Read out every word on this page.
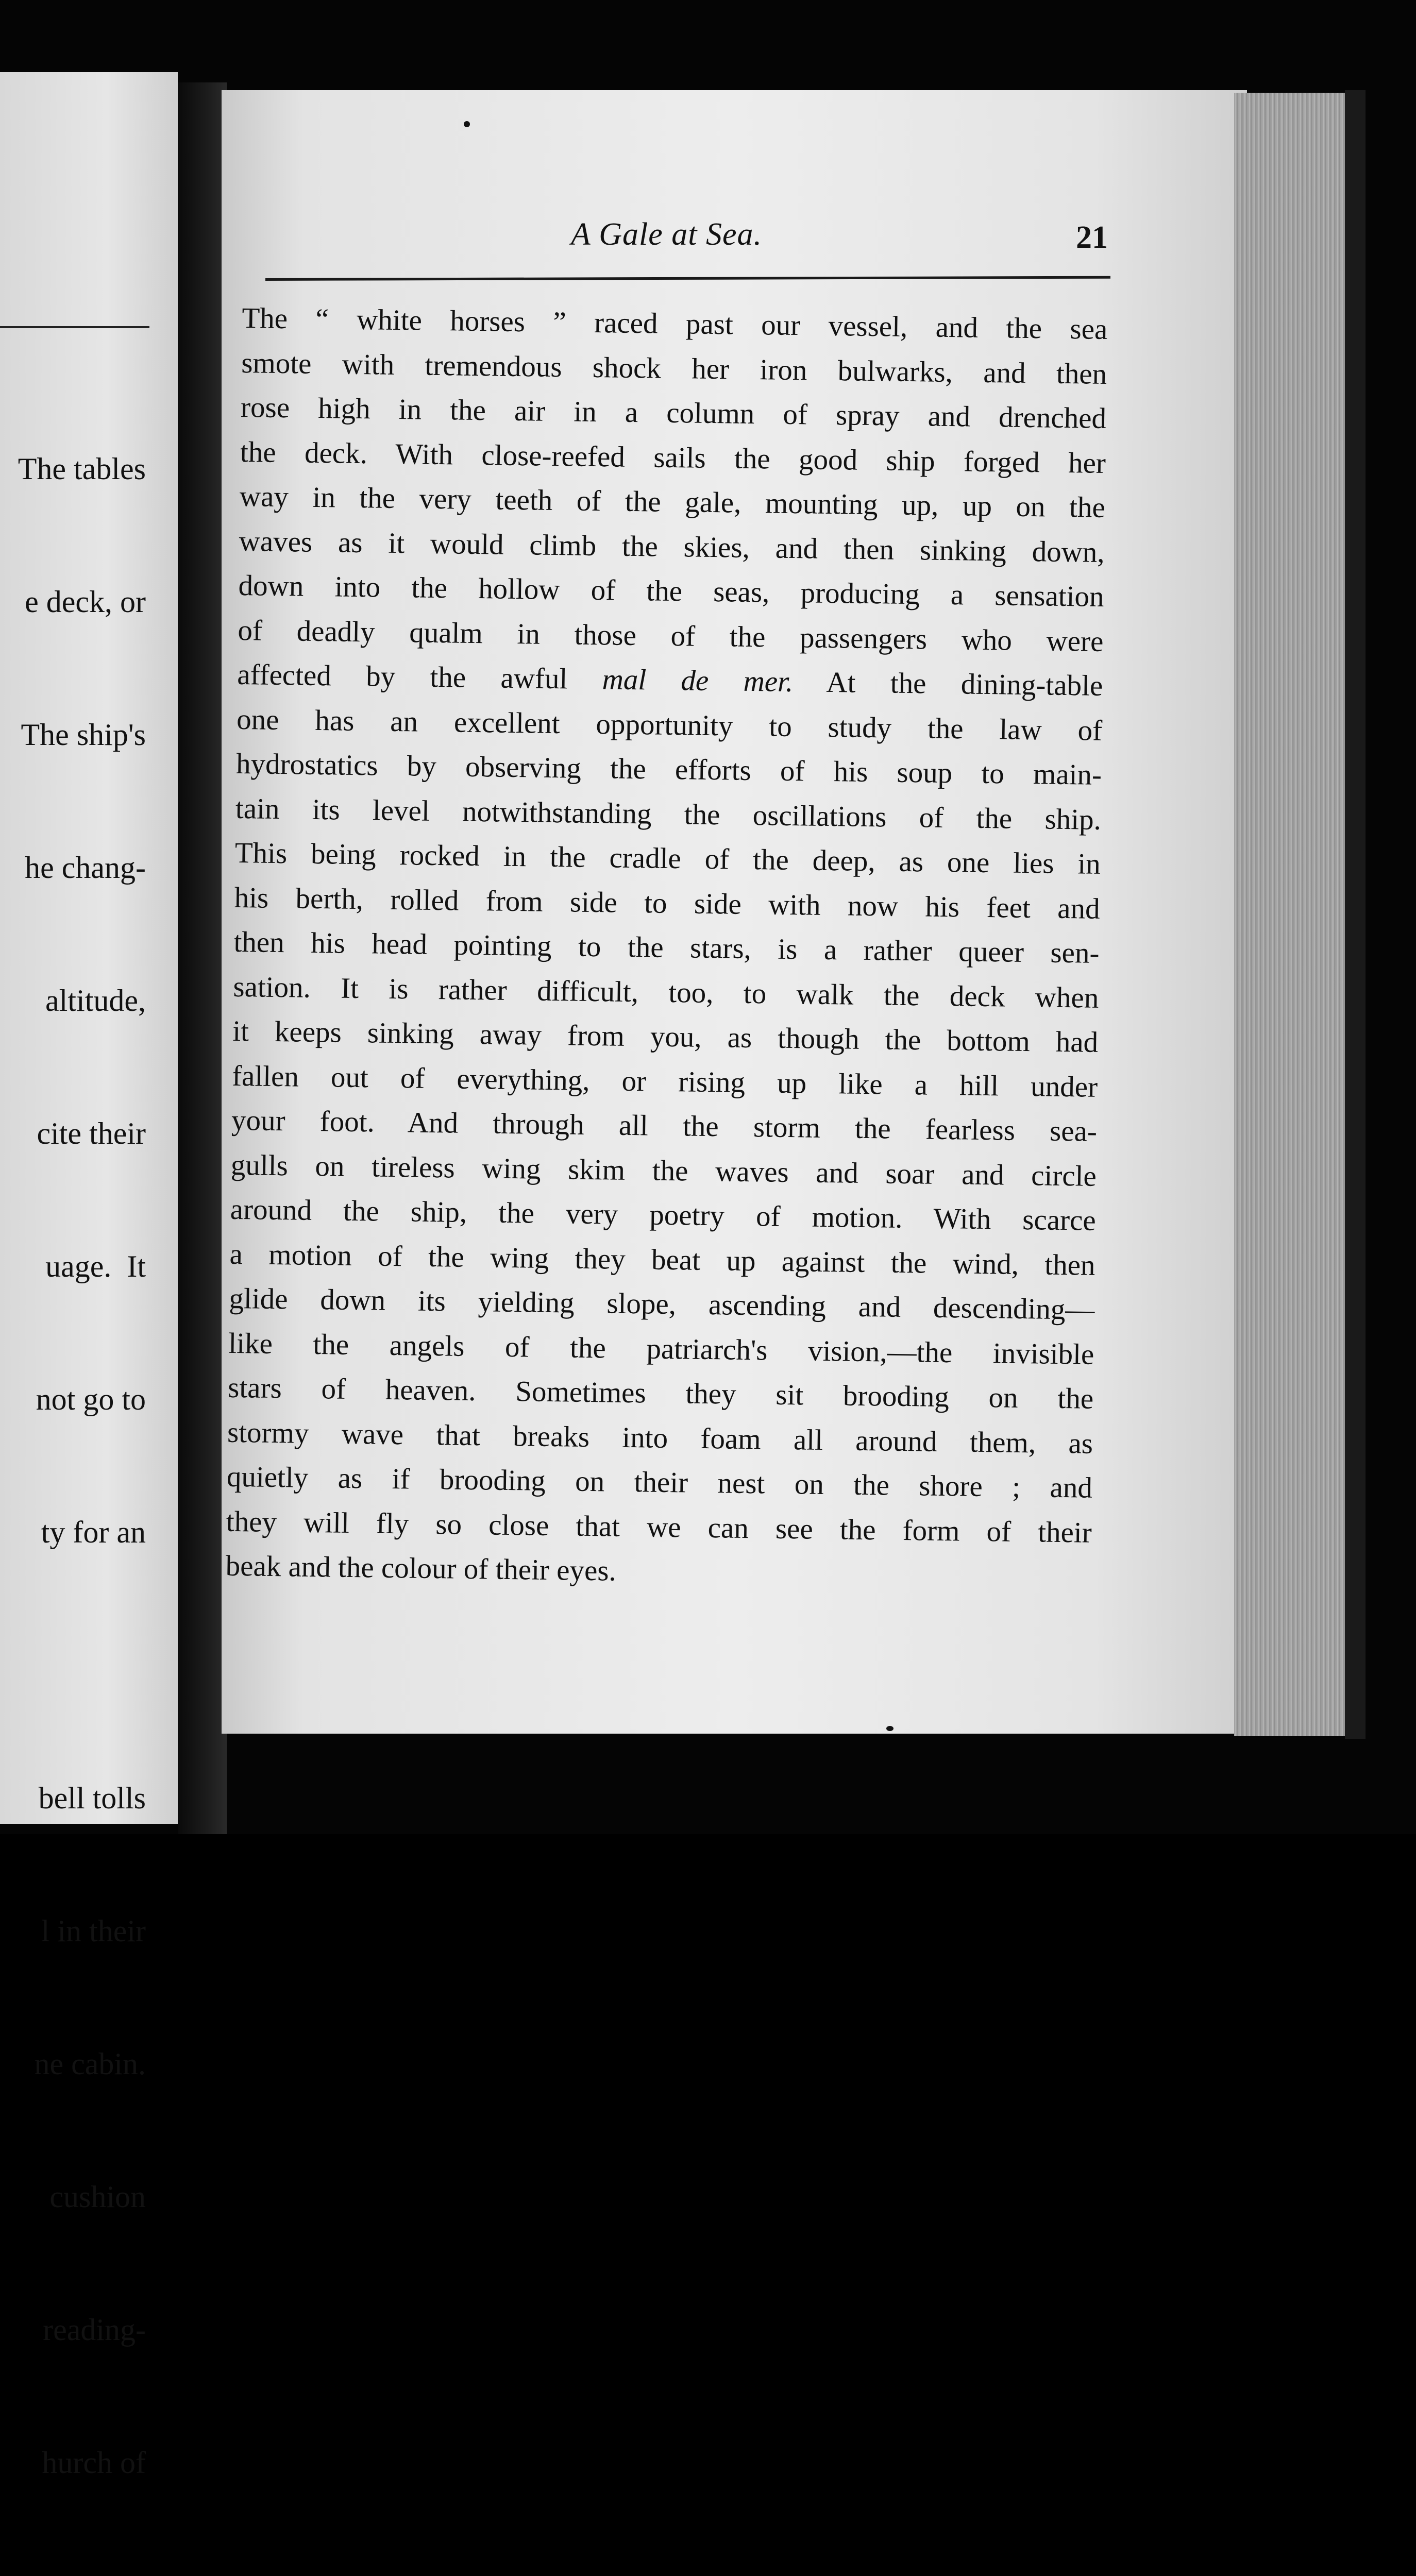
The tables

e deck, or

The ship's

he chang-

altitude,

cite their

uage.  It

not go to

ty for an

bell tolls

l in their

ne cabin.

cushion

reading-

hurch of

A Gale at Sea.	21
The “ white horses ” raced past our vessel, and the sea
smote with tremendous shock her iron bulwarks, and then
rose high in the air in a column of spray and drenched
the deck. With close-reefed sails the good ship forged her
way in the very teeth of the gale, mounting up, up on the
waves as it would climb the skies, and then sinking down,
down into the hollow of the seas, producing a sensation
of deadly qualm in those of the passengers who were
affected by the awful mal de mer. At the dining-table
one has an excellent opportunity to study the law of
hydrostatics by observing the efforts of his soup to main-
tain its level notwithstanding the oscillations of the ship.
This being rocked in the cradle of the deep, as one lies in
his berth, rolled from side to side with now his feet and
then his head pointing to the stars, is a rather queer sen-
sation. It is rather difficult, too, to walk the deck when
it keeps sinking away from you, as though the bottom had
fallen out of everything, or rising up like a hill under
your foot. And through all the storm the fearless sea-
gulls on tireless wing skim the waves and soar and circle
around the ship, the very poetry of motion. With scarce
a motion of the wing they beat up against the wind, then
glide down its yielding slope, ascending and descending—
like the angels of the patriarch's vision,—the invisible
stars of heaven. Sometimes they sit brooding on the
stormy wave that breaks into foam all around them, as
quietly as if brooding on their nest on the shore ; and
they will fly so close that we can see the form of their
beak and the colour of their eyes.
